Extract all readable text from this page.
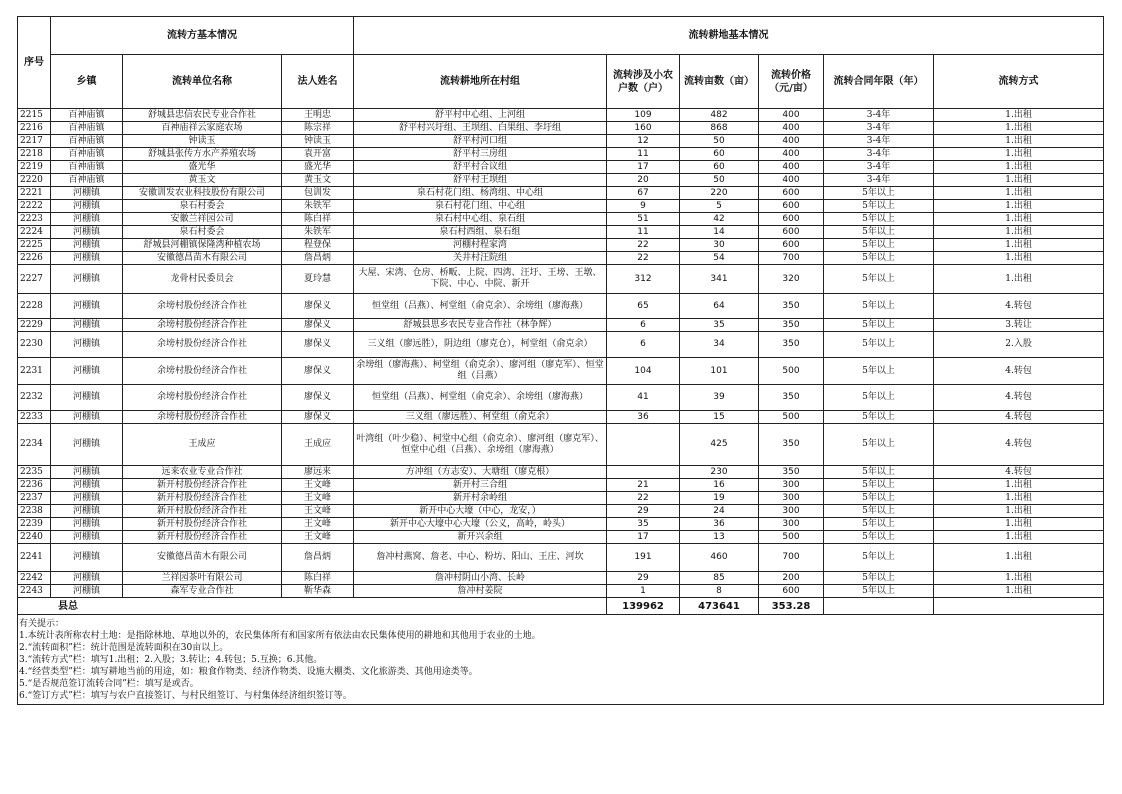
序号	流转方基本情况			流转耕地基本情况					
	乡镇	流转单位名称	法人姓名	流转耕地所在村组	流转涉及小农户数（户）	流转亩数（亩）	流转价格（元/亩）	流转合同年限（年）	流转方式
2215	百神庙镇	舒城县忠信农民专业合作社	王明忠	舒平村中心组、上河组	109	482	400	3-4年	1.出租
2216	百神庙镇	百神庙祥云家庭农场	陈宗祥	舒平村兴圩组、王坝组、白果组、李圩组	160	868	400	3-4年	1.出租
2217	百神庙镇	钟读玉	钟读玉	舒平村河口组	12	50	400	3-4年	1.出租
2218	百神庙镇	舒城县张传方水产养殖农场	袁开富	舒平村三房组	11	60	400	3-4年	1.出租
2219	百神庙镇	盛光华	盛光华	舒平村合议组	17	60	400	3-4年	1.出租
2220	百神庙镇	黄玉文	黄玉文	舒平村王坝组	20	50	400	3-4年	1.出租
2221	河棚镇	安徽训发农业科技股份有限公司	包训发	泉石村花门组、杨湾组、中心组	67	220	600	5年以上	1.出租
2222	河棚镇	泉石村委会	朱铁军	泉石村花门组、中心组	9	5	600	5年以上	1.出租
2223	河棚镇	安徽兰祥园公司	陈白祥	泉石村中心组、泉石组	51	42	600	5年以上	1.出租
2224	河棚镇	泉石村委会	朱铁军	泉石村西组、泉石组	11	14	600	5年以上	1.出租
2225	河棚镇	舒城县河棚镇保隆湾种植农场	程登保	河棚村程家湾	22	30	600	5年以上	1.出租
2226	河棚镇	安徽德昌苗木有限公司	詹昌炳	关井村汪院组	22	54	700	5年以上	1.出租
2227	河棚镇	龙骨村民委员会	夏玲慧	大屋、宋湾、仓房、桥畈、上院、四湾、汪圩、王塝、王墩、下院、中心、中院、新开	312	341	320	5年以上	1.出租
2228	河棚镇	余塝村股份经济合作社	廖保义	恒堂组（吕燕）、柯堂组（俞克余）、余塝组（廖海燕）	65	64	350	5年以上	4.转包
2229	河棚镇	余塝村股份经济合作社	廖保义	舒城县思乡农民专业合作社（林争辉）	6	35	350	5年以上	3.转让
2230	河棚镇	余塝村股份经济合作社	廖保义	三义组（廖远胜），阴边组（廖克仓），柯堂组（俞克余）	6	34	350	5年以上	2.入股
2231	河棚镇	余塝村股份经济合作社	廖保义	余塝组（廖海燕）、柯堂组（俞克余）、廖河组（廖克军）、恒堂组（吕燕）	104	101	500	5年以上	4.转包
2232	河棚镇	余塝村股份经济合作社	廖保义	恒堂组（吕燕）、柯堂组（俞克余）、余塝组（廖海燕）	41	39	350	5年以上	4.转包
2233	河棚镇	余塝村股份经济合作社	廖保义	三义组（廖远胜）、柯堂组（俞克余）	36	15	500	5年以上	4.转包
2234	河棚镇	王成应	王成应	叶湾组（叶少稳）、柯堂中心组（俞克余）、廖河组（廖克军）、恒堂中心组（吕燕）、余塝组（廖海燕）		425	350	5年以上	4.转包
2235	河棚镇	远来农业专业合作社	廖远来	方冲组（方志安）、大塘组（廖克根）		230	350	5年以上	4.转包
2236	河棚镇	新开村股份经济合作社	王文峰	新开村三合组	21	16	300	5年以上	1.出租
2237	河棚镇	新开村股份经济合作社	王文峰	新开村余岭组	22	19	300	5年以上	1.出租
2238	河棚镇	新开村股份经济合作社	王文峰	新开中心大壕（中心，龙安，）	29	24	300	5年以上	1.出租
2239	河棚镇	新开村股份经济合作社	王文峰	新开中心大壕中心大壕（公义，高岭，岭头）	35	36	300	5年以上	1.出租
2240	河棚镇	新开村股份经济合作社	王文峰	新开兴余组	17	13	500	5年以上	1.出租
2241	河棚镇	安徽德昌苗木有限公司	詹昌炳	詹冲村燕窝、詹老、中心、粉坊、阳山、王庄、河坎	191	460	700	5年以上	1.出租
2242	河棚镇	兰祥园茶叶有限公司	陈白祥	詹冲村阴山小湾、长岭	29	85	200	5年以上	1.出租
2243	河棚镇	森军专业合作社	靳华森	詹冲村姜院	1	8	600	5年以上	1.出租
县总					139962	473641	353.28		
有关提示：
1.本统计表所称农村土地：是指除林地、草地以外的，农民集体所有和国家所有依法由农民集体使用的耕地和其他用于农业的土地。
2.“流转面积”栏：统计范围是流转面积在30亩以上。
3.“流转方式”栏：填写1.出租；2.入股；3.转让；4.转包；5.互换；6.其他。
4.“经营类型”栏：填写耕地当前的用途，如：粮食作物类、经济作物类、设施大棚类、文化旅游类、其他用途类等。
5.“是否规范签订流转合同”栏：填写是或否。
6.“签订方式”栏：填写与农户直接签订、与村民组签订、与村集体经济组织签订等。
